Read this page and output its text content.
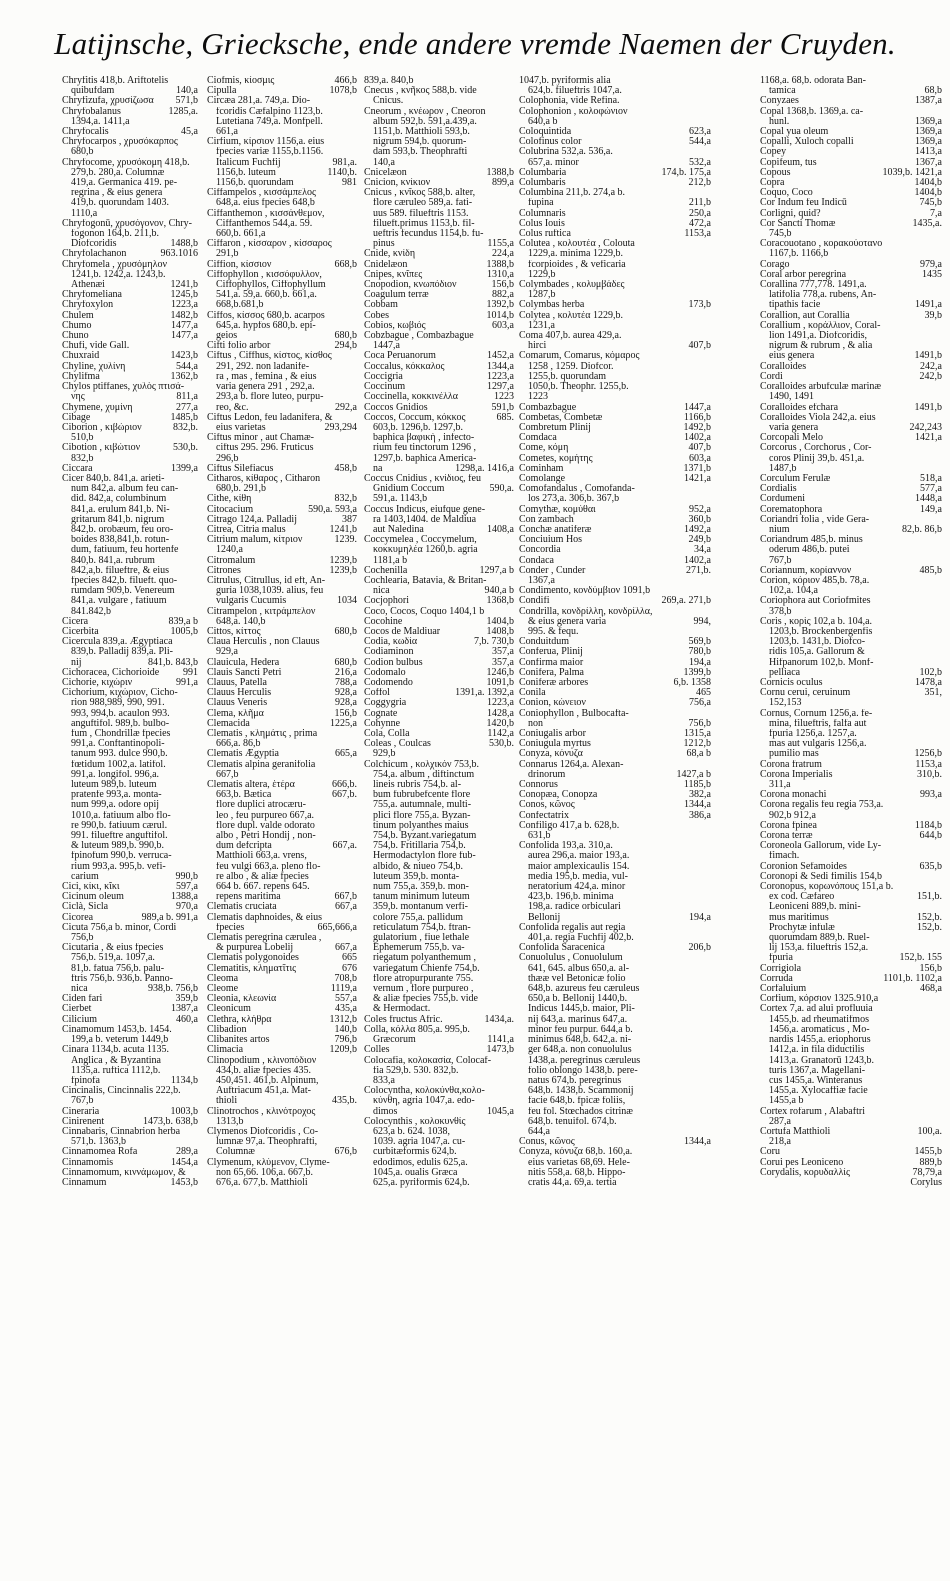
Latijnsche, Griecksche, ende andere vremde Naemen der Cruyden.
Chryfitis 418,b. Ariftotelis
quibufdam	140,a
Chryfizufa, χρυσίζωσα	571,b
Chryfobalanus	1285,a.
1394,a. 1411,a
Chryfocalis	45,a
Chryfocarpos , χρυσόκαρπος
680,b
Chryfocome, χρυσόκομη 418,b.
279,b. 280,a. Columnæ
419,a. Germanica 419. pe-
regrina , & eius genera
419,b. quorundam 1403.
1110,a
Chryfogonū, χρυσόγονον, Chry-
fogonon 164,b. 211,b.
Diofcoridis	1488,b
Chryfolachanon	963.1016
Chryfomela , χρυσόμηλον
1241,b. 1242,a. 1243,b.
Athenæi	1241,b
Chryfomeliana	1245,b
Chryfoxylon	1223,a
Chulem	1482,b
Chumo	1477,a
Chuno	1477,a
Chufi, vide Gall.
Chuxraid	1423,b
Chyline, χυλίνη	544,a
Chylifma	1362,b
Chylos ptiffanes, χυλὸς πτισά-
νης	811,a
Chymene, χυμίνη	277,a
Cibage	1485,b
Ciborion , κιβώριον	832,b.
510,b
Cibotion , κιβώτιον	530,b.
832,b
Ciccara	1399,a
Cicer 840,b. 841,a. arieti-
num 842,a. album feu can-
did. 842,a, columbinum
841,a. erulum 841,b. Ni-
gritarum 841,b. nigrum
842,b. orobæum, feu oro-
boides 838,841,b. rotun-
dum, fatiuum, feu hortenfe
840,b. 841,a. rubrum
842,a,b. filueftre, & eius
fpecies 842,b. filueft. quo-
rumdam 909,b. Venereum
841,a. vulgare , fatiuum
841.842,b
Cicera	839,a b
Cicerbita	1005,b
Cicercula 839,a. Ægyptiaca
839,b. Palladij 839,a. Pli-
nij	841,b. 843,b
Cichoracea, Cichorioide	991
Cichorie, κιχώριν	991,a
Cichorium, κιχώριον, Cicho-
rion 988,989, 990, 991.
993, 994,b. acaulon 993.
anguftifol. 989,b. bulbo-
fum , Chondrillæ fpecies
991,a. Conftantinopoli-
tanum 993. dulce 990,b.
fœtidum 1002,a. latifol.
991,a. longifol. 996,a.
luteum 989,b. luteum
pratenfe 993,a. monta-
num 999,a. odore opij
1010,a. fatiuum albo flo-
re 990,b. fatiuum cærul.
991. filueftre anguftifol.
& luteum 989,b. 990,b.
fpinofum 990,b. verruca-
rium 993,a. 995,b. vefi-
carium	990,b
Cici, κίκι, κῖκι	597,a
Cicinum oleum	1388,a
Ciclà, Sicla	970,a
Cicorea	989,a b. 991,a
Cicuta 756,a b. minor, Cordi
756,b
Cicutaria , & eius fpecies
756,b. 519,a. 1097,a.
81,b. fatua 756,b. palu-
ftris 756,b. 936,b. Panno-
nica	938,b. 756,b
Ciden fari	359,b
Cierbet	1387,a
Cilicium	460,a
Cinamomum 1453,b. 1454.
199,a b. veterum 1449,b
Cinara 1134,b. acuta 1135.
Anglica , & Byzantina
1135,a. ruftica 1112,b.
fpinofa	1134,b
Cincinalis, Cincinnalis 222,b.
767,b
Cineraria	1003,b
Cinirenent	1473,b. 638,b
Cinnabaris, Cinnabrion herba
571,b. 1363,b
Cinnamomea Rofa	289,a
Cinnamomis	1454,a
Cinnamomum, κιννάμωμον, &
Cinnamum	1453,b
Ciofmis, κίοσμις	466,b
Cipulla	1078,b
Circæa 281,a. 749,a. Dio-
fcoridis Cæfalpino 1123,b.
Lutetiana 749,a. Monfpell.
661,a
Cirfium, κίρσιον 1156,a. eius
fpecies variæ 1155,b.1156.
Italicum Fuchfij	981,a.
1156,b. luteum	1140,b.
1156,b. quorundam	981
Ciffampelos , κισσάμπελος
648,a. eius fpecies 648,b
Ciffanthemon , κισσάνθεμον,
Ciffanthemos 544,a. 59.
660,b. 661,a
Ciffaron , κίσσαρον , κίσσαρος
291,b
Ciffion, κίσσιον	668,b
Ciffophyllon , κισσόφυλλον,
Ciffophyllos, Ciffophyllum
541,a. 59,a. 660,b. 661,a.
668,b.681,b
Ciffos, κίσσος 680,b. acarpos
645,a. hypfos 680,b. epi-
geios	680,b
Cifti folio arbor	294,b
Ciftus , Ciffhus, κίστος, κίσθος
291, 292. non ladanife-
ra , mas , femina , & eius
varia genera 291 , 292,a.
293,a b. flore luteo, purpu-
reo, &c.	292,a
Ciftus Ledon, feu ladanifera, &
eius varietas	293,294
Ciftus minor , aut Chamæ-
ciftus 295. 296. Fruticus
296,b
Ciftus Silefiacus	458,b
Citharos, κίθαρος , Citharon
680,b. 291,b
Cithe, κίθη	832,b
Citocacium	590,a. 593,a
Citrago 124,a. Palladij	387
Citrea, Citria malus	1241,b
Citrium malum, κίτριον	1239.
1240,a
Citromalum	1239,b
Citrones	1239,b
Citrulus, Citrullus, id eft, An-
guria 1038,1039. alius, feu
vulgaris Cucumis	1034
Citrampelon , κιτράμπελον
648,a. 140,b
Cittos, κίττος	680,b
Claua Herculis , non Clauus
929,a
Clauicula, Hedera	680,b
Clauis Sancti Petri	216,a
Clauus, Patella	788,a
Clauus Herculis	928,a
Clauus Veneris	928,a
Clema, κλῆμα	156,b
Clemacida	1225,a
Clematis , κλημάτις , prima
666,a. 86,b
Clematis Ægyptia	665,a
Clematis alpina geranifolia
667,b
Clematis altera, ἑτέρα	666,b.
663,b. Bætica	667,b.
flore duplici atrocæru-
leo , feu purpureo 667,a.
flore dupl. valde odorato
albo , Petri Hondij , non-
dum defcripta	667,a.
Matthioli 663,a. vrens,
feu vulgi 663,a. pleno flo-
re albo , & aliæ fpecies
664 b. 667. repens 645.
repens maritima	667,b
Clematis cruciata	667,a
Clematis daphnoides, & eius
fpecies	665,666,a
Clematis peregrina cærulea ,
& purpurea Lobelij	667,a
Clematis polygonoides	665
Clematitis, κληματῖτις	676
Cleoma	708,b
Cleome	1119,a
Cleonia, κλεωνία	557,a
Cleonicum	435,a
Clethra, κλήθρα	1312,b
Clibadion	140,b
Clibanites artos	796,b
Climacia	1209,b
Clinopodium , κλινοπόδιον
434,b. aliæ fpecies 435.
450,451. 461,b. Alpinum,
Auftriacum 451,a. Mat-
thioli	435,b.
Clinotrochos , κλινότροχος
1313,b
Clymenos Diofcoridis , Co-
lumnæ 97,a. Theophrafti,
Columnæ	676,b
Clymenum, κλύμενον, Clyme-
non 65,66. 106,a. 667,b.
676,a. 677,b. Matthioli
839,a. 840,b
Cnecus , κνῆκος 588,b. vide
Cnicus.
Cneorum , κνέωρον , Cneoron
album 592,b. 591,a.439,a.
1151,b. Matthioli 593,b.
nigrum 594,b. quorum-
dam 593,b. Theophrafti
140,a
Cnicelæon	1388,b
Cnicion, κνίκιον	899,a
Cnicus , κνῖκος 588,b. alter,
flore cæruleo 589,a. fati-
uus 589. filueftris 1153.
filueft.primus 1153,b. fil-
ueftris fecundus 1154,b. fu-
pinus	1155,a
Cnide, κνίδη	224,a
Cnidelæon	1388,b
Cnipes, κνῖπες	1310,a
Cnopodion, κνωπόδιον	156,b
Coagulum terræ	882,a
Cobbam	1392,b
Cobes	1014,b
Cobios, κωβιός	603,a
Cobzbague , Combazbague
1447,a
Coca Peruanorum	1452,a
Coccalus, κόκκαλος	1344,a
Coccigria	1223,a
Coccinum	1297,a
Coccinella, κοκκινέλλα	1223
Coccos Gnidios	591,b
Coccos, Coccum, κόκκος	685.
603,b. 1296,b. 1297,b.
baphica βαφικὴ , infecto-
rium feu tinctorum 1296 ,
1297,b. baphica America-
na	1298,a. 1416,a
Coccus Cnidius , κνίδιος, feu
Gnidium Coccum	590,a.
591,a. 1143,b
Coccus Indicus, eiufque gene-
ra 1403,1404. de Maldiua
aut Naledina	1408,a
Coccymelea , Coccymelum,
κοκκυμηλέα 1260,b. agria
1181,a b
Cochenilla	1297,a b
Cochlearia, Batavia, & Britan-
nica	940,a b
Cocjophori	1368,b
Coco, Cocos, Coquo 1404,1 b
Cocohine	1404,b
Cocos de Maldiuar	1408,b
Codia, κωδία	7,b. 730,b
Codiaminon	357,a
Codion bulbus	357,a
Codomalo	1246,b
Codomendo	1091,b
Coffol	1391,a. 1392,a
Coggygria	1223,a
Cognate	1428,a
Cohynne	1420,b
Cola, Colla	1142,a
Coleas , Coulcas	530,b.
929,b
Colchicum , κολχικόν 753,b.
754,a. album , diftinctum
lineis rubris 754,b. al-
bum fubrubefcente flore
755,a. autumnale, multi-
plici flore 755,a. Byzan-
tinum polyanthes maius
754,b. Byzant.variegatum
754,b. Fritillaria 754,b.
Hermodactylon flore fub-
albido, & niueo 754,b.
luteum 359,b. monta-
num 755,a. 359,b. mon-
tanum minimum luteum
359,b. montanum verfi-
colore 755,a. pallidum
reticulatum 754,b. ftran-
gulatorium , fiue lethale
Ephemerum 755,b. va-
riegatum polyanthemum ,
variegatum Chienfe 754,b.
flore atropurpurante 755.
vernum , flore purpureo ,
& aliæ fpecies 755,b. vide
& Hermodact.
Coles fructus Afric.	1434,a.
Colla, κόλλα 805,a. 995,b.
Græcorum	1141,a
Colles	1473,b
Colocafia, κολοκασία, Colocaf-
fia 529,b. 530. 832,b.
833,a
Colocyntha, κολοκύνθα,κολο-
κύνθη, agria 1047,a. edo-
dimos	1045,a
Colocynthis , κολοκυνθίς
623,a b. 624. 1038,
1039. agria 1047,a. cu-
curbitæformis 624,b.
edodimos, edulis 625,a.
1045,a. oualis Græca
625,a. pyriformis 624,b.
1047,b. pyriformis alia
624,b. filueftris 1047,a.
Colophonia, vide Refina.
Colophonion , κολοφώνιον
640,a b
Coloquintida	623,a
Colofinus color	544,a
Colubrina 532,a. 536,a.
657,a. minor	532,a
Columbaria	174,b. 175,a
Columbaris	212,b
Columbina 211,b. 274,a b.
fupina	211,b
Columnaris	250,a
Colus Iouis	472,a
Colus ruftica	1153,a
Colutea , κολουτέα , Colouta
1229,a. minima 1229,b.
fcorpioides , & veficaria
1229,b
Colymbades , κολυμβάδες
1287,b
Colymbas herba	173,b
Colytea , κολυτέα 1229,b.
1231,a
Coma 407,b. aurea 429,a.
hirci	407,b
Comarum, Comarus, κόμαρος
1258 , 1259. Diofcor.
1255,b. quorundam
1050,b. Theophr. 1255,b.
1223
Combazbague	1447,a
Combetas, Combetæ	1166,b
Combretum Plinij	1492,b
Comdaca	1402,a
Come, κόμη	407,b
Cometes, κομήτης	603,a
Cominham	1371,b
Comolange	1421,a
Comofandalus , Comofanda-
los 273,a. 306,b. 367,b
Comythæ, κομύθαι	952,a
Con zambach	360,b
Conchæ anatiferæ	1492,a
Conciuium Hos	249,b
Concordia	34,a
Condaca	1402,a
Conder , Cunder	271,b.
1367,a
Condimento, κονδύμβιον 1091,b
Condifi	269,a. 271,b
Condrilla, κονδρίλλη, κονδρίλλα,
& eius genera varia	994,
995. & fequ.
Conduitdum	569,b
Conferua, Plinij	780,b
Confirma maior	194,a
Conifera, Palma	1399,b
Coniferæ arbores	6,b. 1358
Conila	465
Conion, κώνειον	756,a
Coniophyllon , Bulbocafta-
non	756,b
Coniugalis arbor	1315,a
Coniugula myrtus	1212,b
Conyza, κόνυζα	68,a b
Connarus 1264,a. Alexan-
drinorum	1427,a b
Connorus	1185,b
Conopæa, Conopza	382,a
Conos, κῶνος	1344,a
Confectatrix	386,a
Confiligo 417,a b. 628,b.
631,b
Confolida 193,a. 310,a.
aurea 296,a. maior 193,a.
maior amplexicaulis 154.
media 195,b. media, vul-
neratorium 424,a. minor
423,b. 196,b. minima
198,a. radice orbiculari
Bellonij	194,a
Confolida regalis aut regia
401,a. regia Fuchfij 402,b.
Confolida Saracenica	206,b
Conuolulus , Conuolulum
641, 645. albus 650,a. al-
thææ vel Betonicæ folio
648,b. azureus feu cæruleus
650,a b. Bellonij 1440,b.
Indicus 1445,b. maior, Pli-
nij 643,a. marinus 647,a.
minor feu purpur. 644,a b.
minimus 648,b. 642,a. ni-
ger 648,a. non conuolulus
1438,a. peregrinus cæruleus
folio oblongo 1438,b. pere-
natus 674,b. peregrinus
648,b. 1438,b. Scammonij
facie 648,b. fpicæ foliis,
feu fol. Stœchados citrinæ
648,b. tenuifol. 674,b.
644,a
Conus, κῶνος	1344,a
Conyza, κόνυζα 68,b. 160,a.
eius varietas 68,69. Hele-
nitis 558,a. 68,b. Hippo-
cratis 44,a. 69,a. tertia
1168,a. 68,b. odorata Ban-
tamica	68,b
Conyzaes	1387,a
Copal 1368,b. 1369,a. ca-
hunl.	1369,a
Copal yua oleum	1369,a
Copalli, Xuloch copalli	1369,a
Copey	1413,a
Copifeum, tus	1367,a
Copous	1039,b. 1421,a
Copra	1404,b
Coquo, Coco	1404,b
Cor Indum feu Indicū	745,b
Corligni, quid?	7,a
Cor Sancti Thomæ	1435,a.
745,b
Coracouotano , κορακούοτανο
1167,b. 1166,b
Corago	979,a
Coral arbor peregrina	1435
Corallina 777,778. 1491,a.
latifolia 778,a. rubens, An-
tipathis facie	1491,a
Corallion, aut Corallia	39,b
Corallium , κοράλλιον, Coral-
lion 1491,a. Diofcoridis,
nigrum & rubrum , & alia
eius genera	1491,b
Coralloides	242,a
Cordi	242,b
Coralloides arbufculæ marinæ
1490, 1491
Coralloides efchara	1491,b
Coralloides Viola 242,a. eius
varia genera	242,243
Corcopali Melo	1421,a
Corcorus , Corchorus , Cor-
coros Plinij 39,b. 451,a.
1487,b
Corculum Ferulæ	518,a
Cordialis	577,a
Cordumeni	1448,a
Corematophora	149,a
Coriandri folia , vide Gera-
nium	82,b. 86,b
Coriandrum 485,b. minus
oderum 486,b. putei
767,b
Coriannum, κορίαννον	485,b
Corion, κόριον 485,b. 78,a.
102,a. 104,a
Coriophora aut Coriofmites
378,b
Coris , κορὶς 102,a b. 104,a.
1203,b. Brockenbergenfis
1203,b. 1431,b. Diofco-
ridis 105,a. Gallorum &
Hifpanorum 102,b. Monf-
pelliaca	102,b
Cornicis oculus	1478,a
Cornu cerui, ceruinum	351,
152,153
Cornus, Cornum 1256,a. fe-
mina, filueftris, falfa aut
fpuria 1256,a. 1257,a.
mas aut vulgaris 1256,a.
pumilio mas	1256,b
Corona fratrum	1153,a
Corona Imperialis	310,b.
311,a
Corona monachi	993,a
Corona regalis feu regia 753,a.
902,b 912,a
Corona fpinea	1184,b
Corona terræ	644,b
Coroneola Gallorum, vide Ly-
fimach.
Coronion Sefamoides	635,b
Coronopi & Sedi fimilis 154,b
Coronopus, κορωνόπους 151,a b.
ex cod. Cæfareo	151,b.
Leoniceni 889,b. mini-
mus maritimus	152,b.
Prochytæ infulæ	152,b.
quorumdam 889,b. Ruel-
lij 153,a. filueftris 152,a.
fpuria	152,b. 155
Corrigiola	156,b
Corruda	1101,b. 1102,a
Corfaluium	468,a
Corfium, κόρσιον 1325.910,a
Cortex 7,a. ad alui profluuia
1455,b. ad rheumatifmos
1456,a. aromaticus , Mo-
nardis 1455,a. eriophorus
1412,a. in fila diductilis
1413,a. Granatorū 1243,b.
turis 1367,a. Magellani-
cus 1455,a. Winteranus
1455,a. Xylocaffiæ facie
1455,a b
Cortex rofarum , Alabaftri
287,a
Cortufa Matthioli	100,a.
218,a
Coru	1455,b
Corui pes Leoniceno	889,b
Corydalis, κορυδαλλίς	78,79,a
Corylus
